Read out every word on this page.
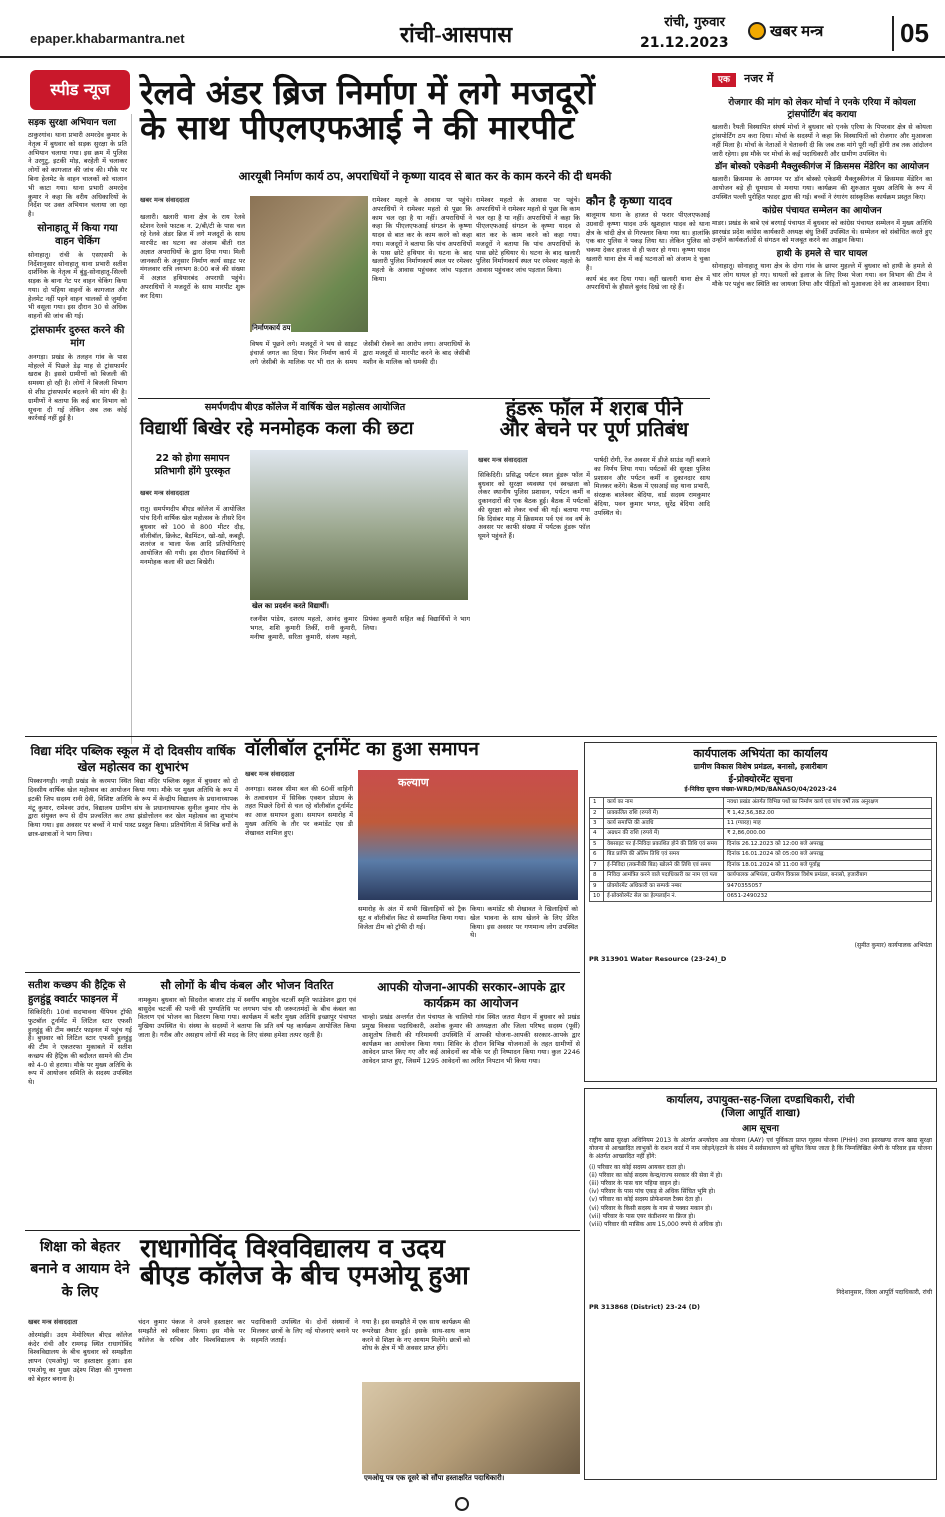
epaper.khabarmantra.net	रांची-आसपास	रांची, गुरुवार
21.12.2023
खबर मन्त्र	05
स्पीड न्यूज
सड़क सुरक्षा अभियान चला

ठाकुरगांव। थाना प्रभारी अमरदेव कुमार के नेतृत्व में बुधवार को सड़क सुरक्षा के प्रति अभियान चलाया गया। इस क्रम में पुलिस ने उरगुटु, इटकी मोड़, बरहेती में चलाकर लोगों को कागजात की जांच की। मौके पर बिना हेलमेट के वाहन चालकों को चालान भी काटा गया। थाना प्रभारी अमरदेव कुमार ने कहा कि वरीय अधिकारियों के निर्देश पर उक्त अभियान चलाया जा रहा है।

सोनाहातू में किया गया वाहन चेकिंग

सोनाहातू। रांची के एसएसपी के निर्देशानुसार सोनाहातू थाना प्रभारी सतीश दार्शनिक के नेतृत्व में बुंडू-सोनाहातू-सिल्ली सड़क के बाना गेट पर वाहन चेकिंग किया गया। दो पहिया वाहनों के कागजात और हेलमेट नहीं पहने वाहन चालकों से जुर्माना भी वसूला गया। इस दौरान 30 से अधिक वाहनों की जांच की गई।

ट्रांसफार्मर दुरुस्त करने की मांग

अनगड़ा। प्रखंड के तलहन गांव के पास मोहल्ले में पिछले डेढ़ माह से ट्रांसफार्मर खराब है। इससे ग्रामीणों को बिजली की समस्या हो रही है। लोगों ने बिजली विभाग से शीघ्र ट्रांसफार्मर बदलने की मांग की है। ग्रामीणों ने बताया कि कई बार विभाग को सूचना दी गई लेकिन अब तक कोई कार्रवाई नहीं हुई है।

रेलवे अंडर ब्रिज निर्माण में लगे मजदूरों
के साथ पीएलएफआई ने की मारपीट
आरयूबी निर्माण कार्य ठप, अपराधियों ने कृष्णा यादव से बात कर के काम करने की दी धमकी
खबर मन्त्र संवाददाता

खलारी। खलारी थाना क्षेत्र के राय रेलवे स्टेशन रेलवे फाटक न. 2/बी/टी के पास चल रहे रेलवे अंडर ब्रिज में लगे मजदूरों के साथ मारपीट का घटना का अंजाम बीती रात अज्ञात अपराधियों के द्वारा दिया गया। मिली जानकारी के अनुसार निर्माण कार्य साइट पर मंगलवार रात्रि लगभग 8:00 बजे की संख्या में अज्ञात हथियारबंद अपराधी पहुंचे। अपराधियों ने मजदूरों के साथ मारपीट शुरू कर दिया।

निर्माणकार्य ठप

विषय में पूछने लगे। मजदूरों ने भय से साइट इंचार्ज जगत का दिया। फिर निर्माण कार्य में लगे जेसीबी के मालिक पर भी रात के समय जेसीबी रोकने का आरोप लगा। अपराधियों के द्वारा मजदूरों से मारपीट करने के बाद जेसीबी मशीन के मालिक को धमकी दी।

रामेश्वर महतो के आवास पर पहुंचे। अपराधियों ने रामेश्वर महतो से पूछा कि काम चल रहा है या नहीं। अपराधियों ने कहा कि पीएलएफआई संगठन के कृष्णा यादव से बात कर के काम करने को कहा गया। मजदूरों ने बताया कि पांच अपराधियों के पास छोटे हथियार थे। घटना के बाद खलारी पुलिस निर्माणकार्य स्थल पर रमेश्वर महतो के आवास पहुंचकर जांच पड़ताल किया।

रामेश्वर महतो के आवास पर पहुंचे। अपराधियों ने रामेश्वर महतो से पूछा कि काम चल रहा है या नहीं। अपराधियों ने कहा कि पीएलएफआई संगठन के कृष्णा यादव से बात कर के काम करने को कहा गया। मजदूरों ने बताया कि पांच अपराधियों के पास छोटे हथियार थे। घटना के बाद खलारी पुलिस निर्माणकार्य स्थल पर रमेश्वर महतो के आवास पहुंचकर जांच पड़ताल किया।

कौन है कृष्णा यादव

बालूमाथ थाना के हाजत से फरार पीएलएफआई उग्रवादी कृष्णा यादव उर्फ खुशहाल यादव को थाना क्षेत्र के चांदी क्षेत्र से गिरफ्तार किया गया था। हालांकि एक बार पुलिस ने पकड़ लिया था। लेकिन पुलिस को चकमा देकर हाजत से ही फरार हो गया। कृष्णा यादव खलारी थाना क्षेत्र में कई घटनाओं को अंजाम दे चुका है।

कार्य बंद कर दिया गया। वहीं खलारी थाना क्षेत्र में अपराधियों के हौसले बुलंद दिखे जा रहे हैं।

एक नजर में
रोजगार की मांग को लेकर मोर्चा ने एनके एरिया में कोयला ट्रांसपोर्टिंग बंद कराया

खलारी। रैयती विस्थापित संघर्ष मोर्चा ने बुधवार को एनके एरिया के पिपरवार क्षेत्र से कोयला ट्रांसपोर्टिंग ठप करा दिया। मोर्चा के सदस्यों ने कहा कि विस्थापितों को रोजगार और मुआवजा नहीं मिला है। मोर्चा के नेताओं ने चेतावनी दी कि जब तक मांगे पूरी नहीं होंगी तब तक आंदोलन जारी रहेगा। इस मौके पर मोर्चा के कई पदाधिकारी और ग्रामीण उपस्थित थे।

डॉन बोस्को एकेडमी मैक्लुस्कीगंज में क्रिसमस मेंडेरिन का आयोजन

खलारी। क्रिसमस के आगमन पर डॉन बोस्को एकेडमी मैक्लुस्कीगंज में क्रिसमस मेंडेरिन का आयोजन बड़े ही धूमधाम से मनाया गया। कार्यक्रम की शुरुआत मुख्य अतिथि के रूप में उपस्थित पल्ली पुरोहित फादर द्वारा की गई। बच्चों ने रंगारंग सांस्कृतिक कार्यक्रम प्रस्तुत किए।

कांग्रेस पंचायत सम्मेलन का आयोजन

माडर। प्रखंड के बाबे एवं बरगाई पंचायत में बुधवार को कांग्रेस पंचायत सम्मेलन में मुख्य अतिथि झारखंड प्रदेश कांग्रेस कार्यकारी अध्यक्ष बंधु तिर्की उपस्थित थे। सम्मेलन को संबोधित करते हुए उन्होंने कार्यकर्ताओं से संगठन को मजबूत करने का आह्वान किया।

हाथी के हमले से चार घायल

सोनाहातू। सोनाहातू थाना क्षेत्र के दोगा गांव के छापर मुहल्ले में बुधवार को हाथी के हमले से चार लोग घायल हो गए। घायलों को इलाज के लिए रिम्स भेजा गया। वन विभाग की टीम ने मौके पर पहुंच कर स्थिति का जायजा लिया और पीड़ितों को मुआवजा देने का आश्वासन दिया।

समर्पणदीप बीएड कॉलेज में वार्षिक खेल महोत्सव आयोजित
विद्यार्थी बिखेर रहे मनमोहक कला की छटा
22 को होगा समापन प्रतिभागी होंगे पुरस्कृत
खबर मन्त्र संवाददाता

रातू। समर्पणदीप बीएड कॉलेज में आयोजित पांच दिनी वार्षिक खेल महोत्सव के तीसरे दिन बुधवार को 100 से 800 मीटर दौड़, वॉलीबॉल, क्रिकेट, बैडमिंटन, खो-खो, कबड्डी, शतरंज व भाला फेंक आदि प्रतियोगिताएं आयोजित की गयी। इस दौरान विद्यार्थियों ने मनमोहक कला की छटा बिखेरी।

खेल का प्रदर्शन करते विद्यार्थी।

रजनीश पांडेय, दशरथ महतो, आनंद कुमार भगत, शशि कुमारी तिर्की, रानी कुमारी, मनीषा कुमारी, सरिता कुमारी, संजय महतो, प्रियंका कुमारी सहित कई विद्यार्थियों ने भाग लिया।

हुंडरू फॉल में शराब पीने
और बेचने पर पूर्ण प्रतिबंध
खबर मन्त्र संवाददाता

सिकिदिरी। प्रसिद्ध पर्यटन स्थल हुंडरू फॉल में बुधवार को सुरक्षा व्यवस्था एवं स्वच्छता को लेकर स्थानीय पुलिस प्रशासन, पर्यटन कर्मी व दुकानदारों की एक बैठक हुई। बैठक में पर्यटकों की सुरक्षा को लेकर चर्चा की गई। बताया गया कि दिसंबर माह में क्रिसमस पर्व एवं नव वर्ष के अवसर पर काफी संख्या में पर्यटक हुंडरू फॉल घूमने पहुंचते हैं।

पार्षदी रोगी, रेंज अवसर में डीजे साउंड नहीं बजाने का निर्णय लिया गया। पर्यटकों की सुरक्षा पुलिस प्रशासन और पर्यटन कर्मी व दुकानदार साथ मिलकर करेंगे। बैठक में एसआई सह थाना प्रभारी, संरक्षक बालेश्वर बेदिया, वार्ड सदस्य रामकुमार बेदिया, पवन कुमार भगत, सुरेंद्र बेदिया आदि उपस्थित थे।

विद्या मंदिर पब्लिक स्कूल में दो दिवसीय वार्षिक खेल महोत्सव का शुभारंभ

पिस्कानगड़ी। नगड़ी प्रखंड के करमपा स्थित विद्या मंदिर पब्लिक स्कूल में बुधवार को दो दिवसीय वार्षिक खेल महोत्सव का आयोजन किया गया। मौके पर मुख्य अतिथि के रूप में इटकी जिप सदस्य रानी देवी, विशिष्ट अतिथि के रूप में केन्द्रीय विद्यालय के प्रधानाध्यापक मंटू कुमार, रामेश्वर उरांव, विद्यालय ग्रामीण संघ के प्रधानाध्यापक सुनील कुमार गोप के द्वारा संयुक्त रूप से दीप प्रज्वलित कर तथा झंडोत्तोलन कर खेल महोत्सव का शुभारंभ किया गया। इस अवसर पर बच्चों ने मार्च पास्ट प्रस्तुत किया। प्रतियोगिता में विभिन्न वर्गों के छात्र-छात्राओं ने भाग लिया।

वॉलीबॉल टूर्नामेंट का हुआ समापन
खबर मन्त्र संवाददाता

अनगड़ा। सशस्त्र सीमा बल की 60वीं वाहिनी के तत्वावधान में सिविक एक्शन प्रोग्राम के तहत पिछले दिनों से चल रहे वॉलीबॉल टूर्नामेंट का आज समापन हुआ। समापन समारोह में मुख्य अतिथि के तौर पर कमांडेंट एस डी शेखावत शामिल हुए।

कल्याण

समारोह के अंत में सभी खिलाड़ियों को ट्रैक सूट व वॉलीबॉल किट से सम्मानित किया गया। विजेता टीम को ट्रॉफी दी गई।

किया। कमांडेंट श्री शेखावत ने खिलाड़ियों को खेल भावना के साथ खेलने के लिए प्रेरित किया। इस अवसर पर गणमान्य लोग उपस्थित थे।

कार्यपालक अभियंता का कार्यालय
ग्रामीण विकास विशेष प्रमंडल, बनासो, हजारीबाग
ई-प्रोक्योरमेंट सूचना
ई-निविदा सूचना संख्या-WRD/MD/BANASO/04/2023-24
1	कार्य का नाम	नवधा प्रखंड अंतर्गत विभिन्न पथों का निर्माण कार्य एवं पांच वर्षों तक अनुरक्षण
2	प्राक्कलित राशि (रुपये में)	₹ 1,42,56,382.00
3	कार्य समाप्ति की अवधि	11 (ग्यारह) माह
4	अग्रधन की राशि (रुपये में)	₹ 2,86,000.00
5	वेबसाइट पर ई-निविदा प्रकाशित होने की तिथि एवं समय	दिनांक 26.12.2023 को 12:00 बजे अपराह्न
6	बिड प्राप्ति की अंतिम तिथि एवं समय	दिनांक 16.01.2024 को 05:00 बजे अपराह्न
7	ई-निविदा (तकनीकी बिड) खोलने की तिथि एवं समय	दिनांक 18.01.2024 को 11:00 बजे पूर्वाह्न
8	निविदा आमंत्रित करने वाले पदाधिकारी का नाम एवं पता	कार्यपालक अभियंता, ग्रामीण विकास विशेष प्रमंडल, बनासो, हजारीबाग
9	प्रोक्योरमेंट अधिकारी का सम्पर्क नम्बर	9470355057
10	ई-प्रोक्योरमेंट सेल का हेल्पलाईन नं.	0651-2490232
(सुमीत कुमार) कार्यपालक अभियंता
PR 313901 Water Resource (23-24)_D
सतीश कच्छप की हैट्रिक से हुलहुंडू क्वार्टर फाइनल में

सिकिदिरी। 10वां सदभावना चैंपियन ट्रॉफी फुटबॉल टूर्नामेंट में लिटिल स्टार एफसी हुलहुंडू की टीम क्वार्टर फाइनल में पहुंच गई है। बुधवार को लिटिल स्टार एफसी हुलहुंडू की टीम ने एकतरफा मुकाबले में सतीश कच्छप की हैट्रिक की बदौलत सामने की टीम को 4-0 से हराया। मौके पर मुख्य अतिथि के रूप में आयोजन समिति के सदस्य उपस्थित थे।

सौ लोगों के बीच कंबल और भोजन वितरित

नामकुम। बुधवार को सिदरोल बाजार टांड़ में स्वर्गीय बासुदेव चटर्जी स्मृति फाउंडेशन द्वारा एवं बासुदेव चटर्जी की पत्नी की पुण्यतिथि पर लगभग पांच सौ जरूरतमंदों के बीच कंबल का वितरण एवं भोजन का वितरण किया गया। कार्यक्रम में बतौर मुख्य अतिथि इच्छापुर पंचायत मुखिया उपस्थित थे। संस्था के सदस्यों ने बताया कि प्रति वर्ष यह कार्यक्रम आयोजित किया जाता है। गरीब और असहाय लोगों की मदद के लिए संस्था हमेशा तत्पर रहती है।

आपकी योजना-आपकी सरकार-आपके द्वार कार्यक्रम का आयोजन

चान्हो। प्रखंड अन्तर्गत रोल पंचायत के चालियो गांव स्थित जतरा मैदान में बुधवार को प्रखंड प्रमुख विकास पदाधिकारी, अशोक कुमार की अध्यक्षता और जिला परिषद सदस्य (पूर्वी) आशुतोष तिवारी की गरिमामयी उपस्थिति में आपकी योजना-आपकी सरकार-आपके द्वार कार्यक्रम का आयोजन किया गया। शिविर के दौरान विभिन्न योजनाओं के तहत ग्रामीणों से आवेदन प्राप्त किए गए और कई आवेदनों का मौके पर ही निष्पादन किया गया। कुल 2246 आवेदन प्राप्त हुए, जिसमें 1295 आवेदनों का त्वरित निपटान भी किया गया।

कार्यालय, उपायुक्त-सह-जिला दण्डाधिकारी, रांची
(जिला आपूर्ति शाखा)
आम सूचना

राष्ट्रीय खाद्य सुरक्षा अधिनियम 2013 के अंतर्गत अन्त्योदय अन्न योजना (AAY) एवं पूर्विकता प्राप्त गृहस्थ योजना (PHH) तथा झारखण्ड राज्य खाद्य सुरक्षा योजना से आच्छादित लाभुकों के राशन कार्ड में नाम जोड़ने/हटाने के संबंध में सर्वसाधारण को सूचित किया जाता है कि निम्नलिखित श्रेणी के परिवार इस योजना के अंतर्गत आच्छादित नहीं होंगे:

(i) परिवार का कोई सदस्य आयकर दाता हो।
(ii) परिवार का कोई सदस्य केन्द्र/राज्य सरकार की सेवा में हो।
(iii) परिवार के पास चार पहिया वाहन हो।
(iv) परिवार के पास पांच एकड़ से अधिक सिंचित भूमि हो।
(v) परिवार का कोई सदस्य प्रोफेशनल टैक्स देता हो।
(vi) परिवार के किसी सदस्य के नाम से पक्का मकान हो।
(vii) परिवार के पास एयर कंडीशनर या फ्रिज हो।
(viii) परिवार की मासिक आय 15,000 रुपये से अधिक हो।
निदेशानुसार, जिला आपूर्ति पदाधिकारी, रांची
PR 313868 (District) 23-24 (D)
शिक्षा को बेहतर बनाने व आयाम देने के लिए
राधागोविंद विश्वविद्यालय व उदय
बीएड कॉलेज के बीच एमओयू हुआ
खबर मन्त्र संवाददाता

ओरमांझी। उदय मेमोरियल बीएड कॉलेज कंदेर रांची और रामगढ़ स्थित राधागोविंद विश्वविद्यालय के बीच बुधवार को समझौता ज्ञापन (एमओयू) पर हस्ताक्षर हुआ। इस एमओयू का मुख्य उद्देश्य शिक्षा की गुणवत्ता को बेहतर बनाना है।

चंदन कुमार पंकज ने अपने हस्ताक्षर कर समझौते को स्वीकार किया। इस मौके पर कॉलेज के सचिव और विश्वविद्यालय के पदाधिकारी उपस्थित थे। दोनों संस्थानों ने मिलकर छात्रों के लिए नई योजनाएं बनाने पर सहमति जताई।

गया है। इस समझौते में एक साथ कार्यक्रम की रूपरेखा तैयार हुई। इसके साथ-साथ काम करने से शिक्षा के नए आयाम मिलेंगे। छात्रों को शोध के क्षेत्र में भी अवसर प्राप्त होंगे।

एमओयू पत्र एक दूसरे को सौंपा हस्ताक्षरित पदाधिकारी।
